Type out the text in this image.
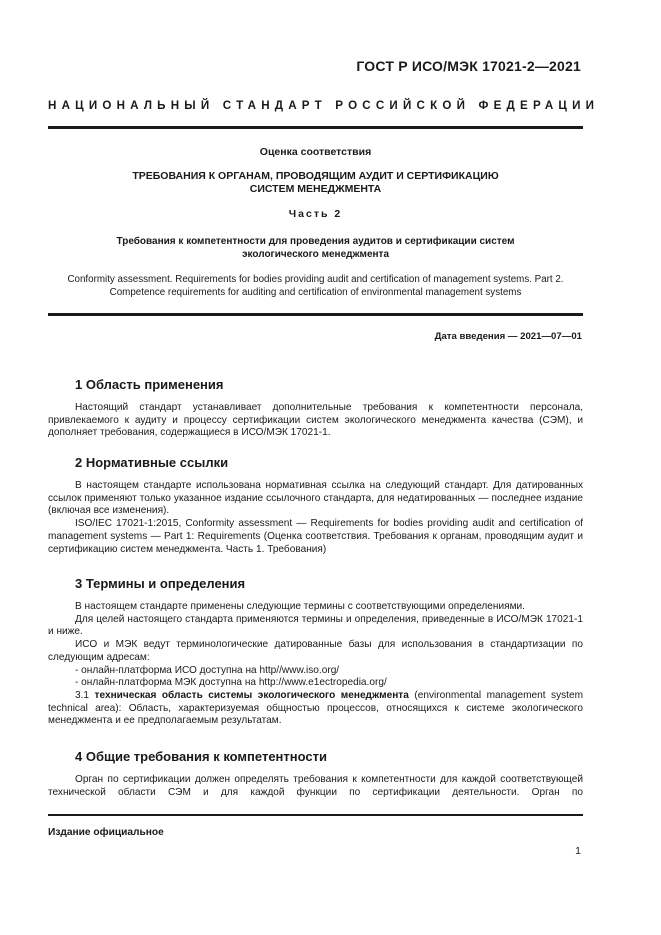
ГОСТ Р ИСО/МЭК 17021-2—2021
НАЦИОНАЛЬНЫЙ СТАНДАРТ РОССИЙСКОЙ ФЕДЕРАЦИИ
Оценка соответствия
ТРЕБОВАНИЯ К ОРГАНАМ, ПРОВОДЯЩИМ АУДИТ И СЕРТИФИКАЦИЮ СИСТЕМ МЕНЕДЖМЕНТА
Часть 2
Требования к компетентности для проведения аудитов и сертификации систем экологического менеджмента
Conformity assessment. Requirements for bodies providing audit and certification of management systems. Part 2. Competence requirements for auditing and certification of environmental management systems
Дата введения — 2021—07—01
1 Область применения
Настоящий стандарт устанавливает дополнительные требования к компетентности персонала, привлекаемого к аудиту и процессу сертификации систем экологического менеджмента качества (СЭМ), и дополняет требования, содержащиеся в ИСО/МЭК 17021-1.
2 Нормативные ссылки
В настоящем стандарте использована нормативная ссылка на следующий стандарт. Для датированных ссылок применяют только указанное издание ссылочного стандарта, для недатированных — последнее издание (включая все изменения).
ISO/IEC 17021-1:2015, Conformity assessment — Requirements for bodies providing audit and certification of management systems — Part 1: Requirements (Оценка соответствия. Требования к органам, проводящим аудит и сертификацию систем менеджмента. Часть 1. Требования)
3 Термины и определения
В настоящем стандарте применены следующие термины с соответствующими определениями.
Для целей настоящего стандарта применяются термины и определения, приведенные в ИСО/МЭК 17021-1 и ниже.
ИСО и МЭК ведут терминологические датированные базы для использования в стандартизации по следующим адресам:
- онлайн-платформа ИСО доступна на http//www.iso.org/
- онлайн-платформа МЭК доступна на http://www.e1ectropedia.org/
3.1 техническая область системы экологического менеджмента (environmental management system technical area): Область, характеризуемая общностью процессов, относящихся к системе экологического менеджмента и ее предполагаемым результатам.
4 Общие требования к компетентности
Орган по сертификации должен определять требования к компетентности для каждой соответствующей технической области СЭМ и для каждой функции по сертификации деятельности. Орган по
Издание официальное
1
